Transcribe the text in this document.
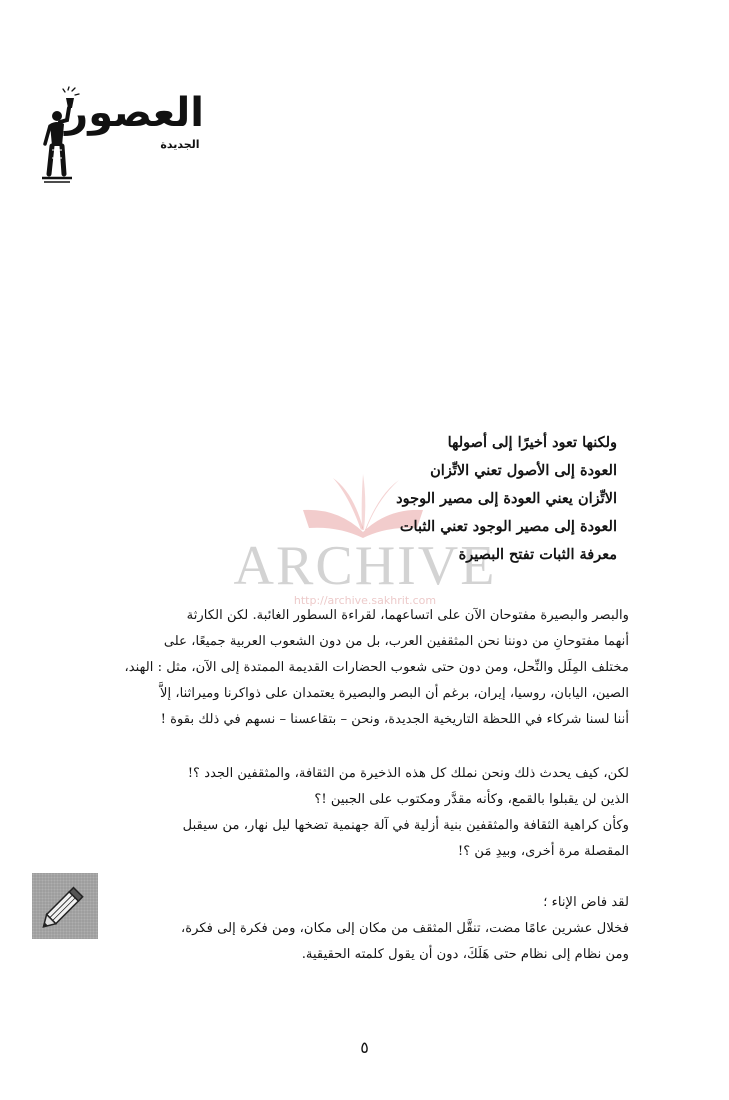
العصور
الجديدة
ARCHIVE
http://archive.sakhrit.com
ولكنها تعود أخيرًا إلى أصولها
العودة إلى الأصول تعني الاتِّزان
الاتِّزان يعني العودة إلى مصير الوجود
العودة إلى مصير الوجود تعني الثبات
معرفة الثبات تفتح البصيرة
والبصر والبصيرة مفتوحان الآن على اتساعهما، لقراءة السطور الغائبة. لكن الكارثة
أنهما مفتوحانِ من دوننا نحن المثقفين العرب، بل من دون الشعوب العربية جميعًا، على
مختلف المِلَل والنِّحل، ومن دون حتى شعوب الحضارات القديمة الممتدة إلى الآن، مثل : الهند،
الصين، اليابان، روسيا، إيران، برغم أن البصر والبصيرة يعتمدان على ذواكرنا وميراثنا، إلاَّ
أننا لسنا شركاء في اللحظة التاريخية الجديدة، ونحن – بتقاعسنا – نسهم في ذلك بقوة !
لكن، كيف يحدث ذلك ونحن نملك كل هذه الذخيرة من الثقافة، والمثقفين الجدد ؟!
الذين لن يقبلوا بالقمع، وكأنه مقدَّر ومكتوب على الجبين !؟
وكأن كراهية الثقافة والمثقفين بنية أزلية في آلة جهنمية تضخها ليل نهار، من سيقبل
المقصلة مرة أخرى، وبيدِ مَن ؟!
لقد فاض الإناء ؛
فخلال عشرين عامًا مضت، تنقَّل المثقف من مكان إلى مكان، ومن فكرة إلى فكرة،
ومن نظام إلى نظام حتى هَلَكَ، دون أن يقول كلمته الحقيقية.
٥
